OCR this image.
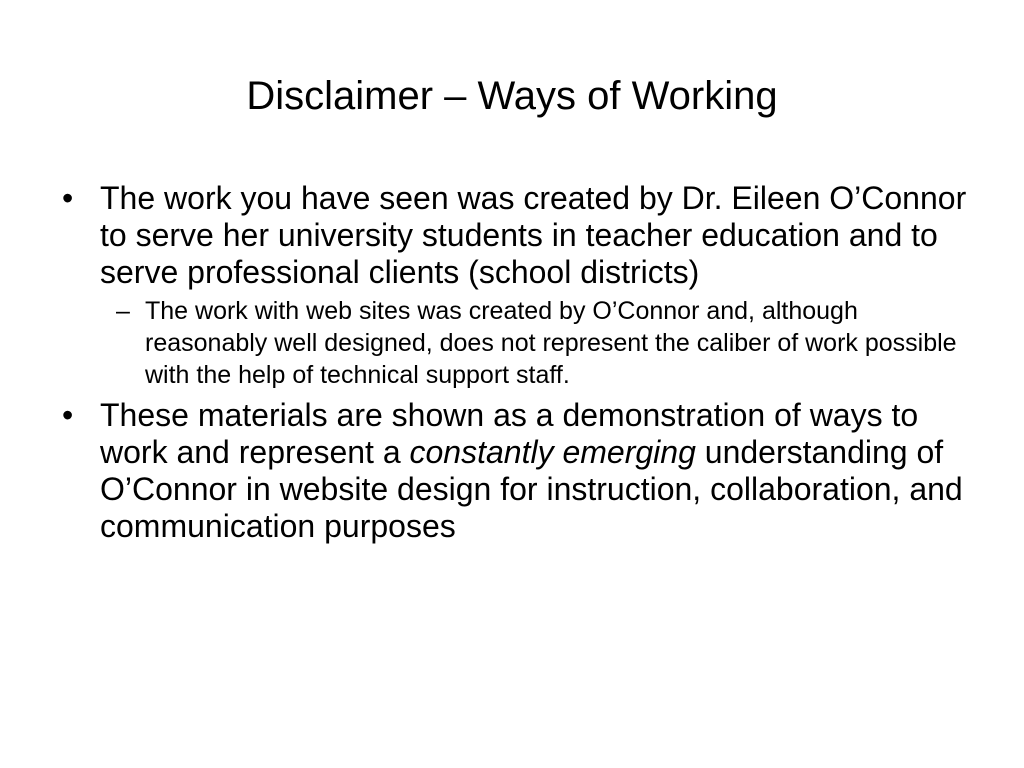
Disclaimer – Ways of Working

• The work you have seen was created by Dr. Eileen O’Connor to serve her university students in teacher education and to serve professional clients (school districts)

– The work with web sites was created by O’Connor and, although reasonably well designed, does not represent the caliber of work possible with the help of technical support staff.

• These materials are shown as a demonstration of ways to work and represent a constantly emerging understanding of O’Connor in website design for instruction, collaboration, and communication purposes
